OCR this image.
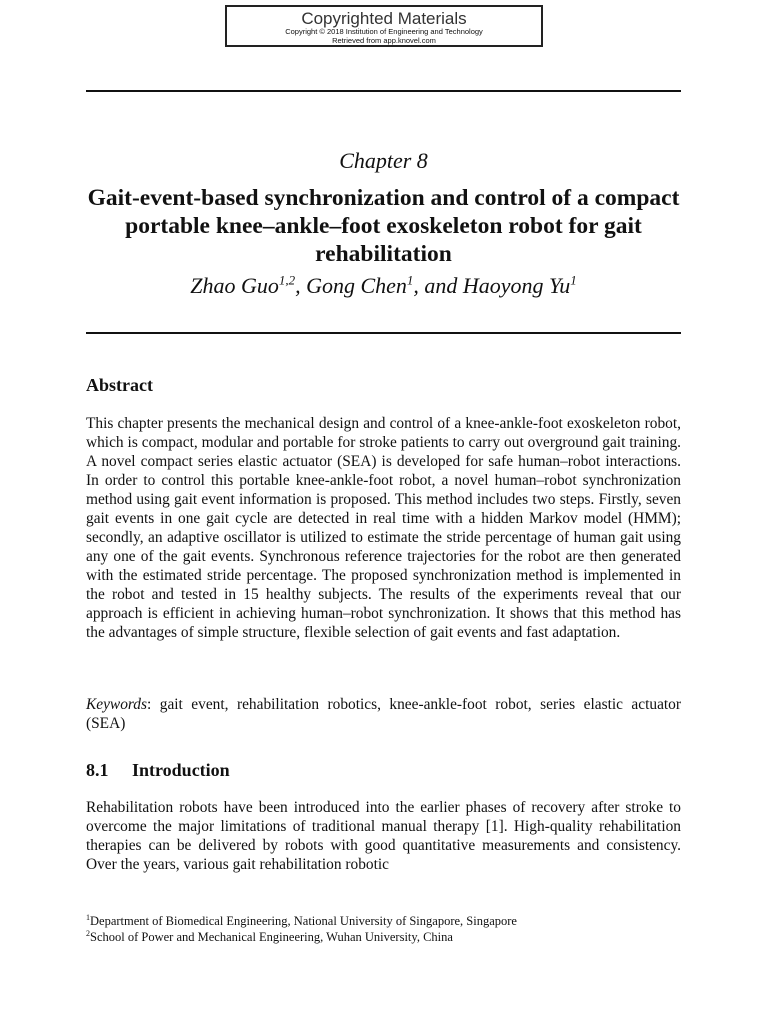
Copyrighted Materials
Copyright © 2018 Institution of Engineering and Technology
Retrieved from app.knovel.com
Chapter 8
Gait-event-based synchronization and control of a compact portable knee–ankle–foot exoskeleton robot for gait rehabilitation
Zhao Guo$^{1,2}$, Gong Chen$^1$, and Haoyong Yu$^1$
Abstract

This chapter presents the mechanical design and control of a knee-ankle-foot exoskeleton robot, which is compact, modular and portable for stroke patients to carry out overground gait training. A novel compact series elastic actuator (SEA) is developed for safe human–robot interactions. In order to control this portable knee-ankle-foot robot, a novel human–robot synchronization method using gait event information is proposed. This method includes two steps. Firstly, seven gait events in one gait cycle are detected in real time with a hidden Markov model (HMM); secondly, an adaptive oscillator is utilized to estimate the stride percentage of human gait using any one of the gait events. Synchronous reference trajectories for the robot are then generated with the estimated stride percentage. The proposed synchronization method is implemented in the robot and tested in 15 healthy subjects. The results of the experiments reveal that our approach is efficient in achieving human–robot synchronization. It shows that this method has the advantages of simple structure, flexible selection of gait events and fast adaptation.

Keywords: gait event, rehabilitation robotics, knee-ankle-foot robot, series elastic actuator (SEA)

8.1 Introduction

Rehabilitation robots have been introduced into the earlier phases of recovery after stroke to overcome the major limitations of traditional manual therapy [1]. High-quality rehabilitation therapies can be delivered by robots with good quantitative measurements and consistency. Over the years, various gait rehabilitation robotic

$^1$Department of Biomedical Engineering, National University of Singapore, Singapore
$^2$School of Power and Mechanical Engineering, Wuhan University, China
